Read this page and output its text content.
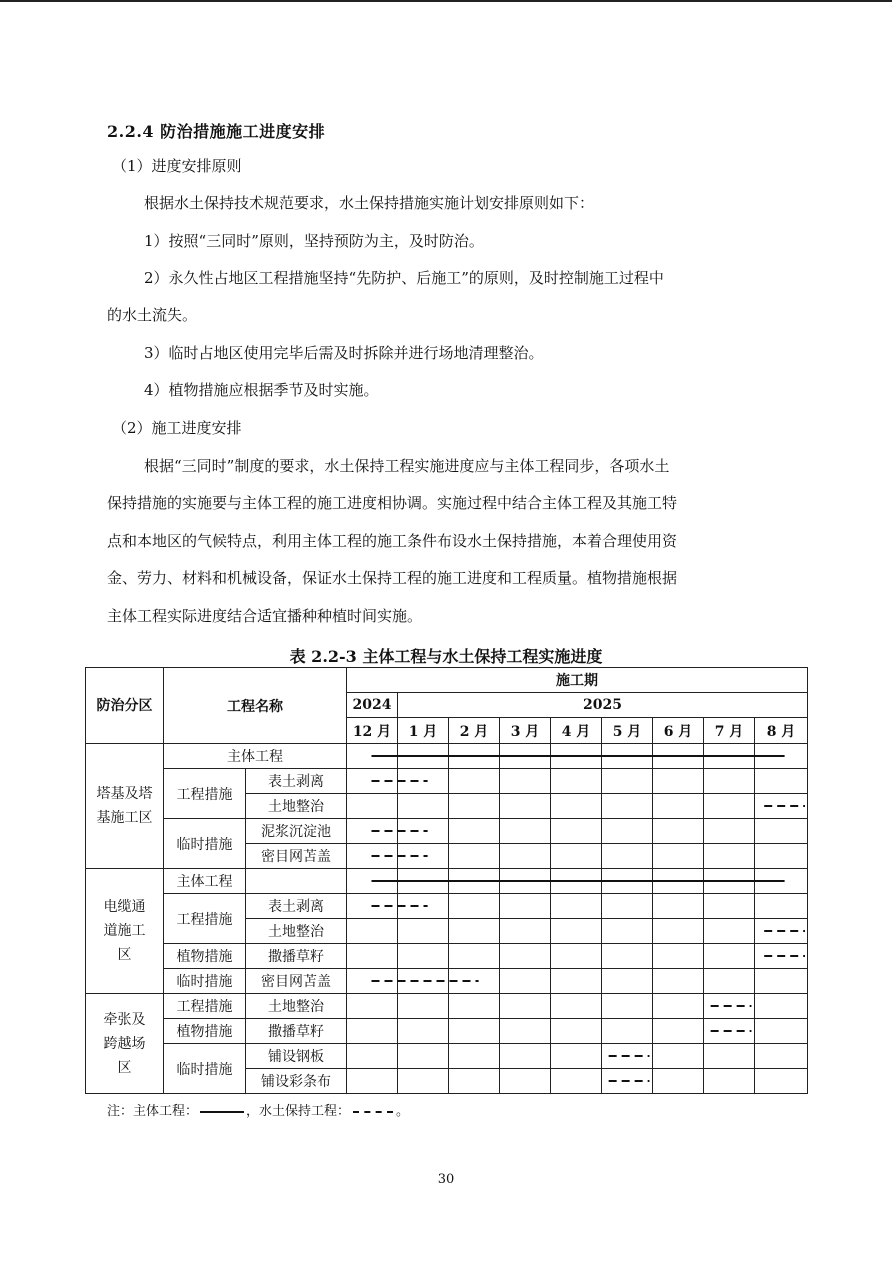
2.2.4 防治措施施工进度安排
（1）进度安排原则
根据水土保持技术规范要求，水土保持措施实施计划安排原则如下：
1）按照“三同时”原则，坚持预防为主，及时防治。
2）永久性占地区工程措施坚持“先防护、后施工”的原则，及时控制施工过程中
的水土流失。
3）临时占地区使用完毕后需及时拆除并进行场地清理整治。
4）植物措施应根据季节及时实施。
（2）施工进度安排
根据“三同时”制度的要求，水土保持工程实施进度应与主体工程同步，各项水土
保持措施的实施要与主体工程的施工进度相协调。实施过程中结合主体工程及其施工特
点和本地区的气候特点，利用主体工程的施工条件布设水土保持措施，本着合理使用资
金、劳力、材料和机械设备，保证水土保持工程的施工进度和工程质量。植物措施根据
主体工程实际进度结合适宜播种种植时间实施。
表 2.2-3 主体工程与水土保持工程实施进度
防治分区	工程名称		施工期								
			2024	2025							
			12 月	1 月	2 月	3 月	4 月	5 月	6 月	7 月	8 月
塔基及塔基施工区	主体工程										
	工程措施	表土剥离									
		土地整治									
	临时措施	泥浆沉淀池									
		密目网苫盖									
电缆通道施工区	主体工程										
	工程措施	表土剥离									
		土地整治									
	植物措施	撒播草籽									
	临时措施	密目网苫盖									
牵张及跨越场区	工程措施	土地整治									
	植物措施	撒播草籽									
	临时措施	铺设钢板									
		铺设彩条布									
注：主体工程：	，水土保持工程：	。
30
